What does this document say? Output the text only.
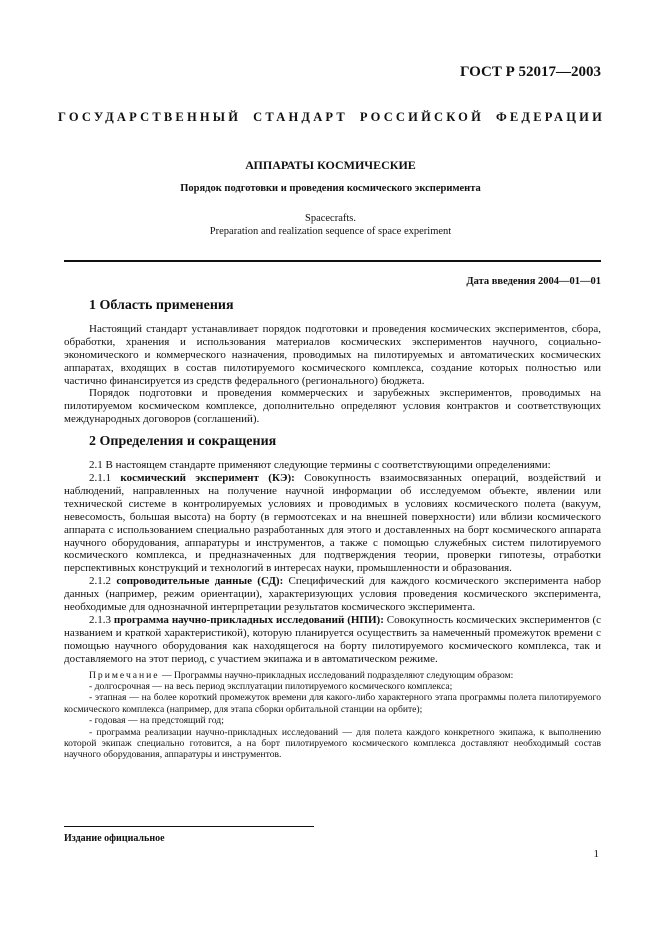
ГОСТ Р 52017—2003
ГОСУДАРСТВЕННЫЙ СТАНДАРТ РОССИЙСКОЙ ФЕДЕРАЦИИ
АППАРАТЫ КОСМИЧЕСКИЕ
Порядок подготовки и проведения космического эксперимента
Spacecrafts.
Preparation and realization sequence of space experiment
Дата введения 2004—01—01
1 Область применения

Настоящий стандарт устанавливает порядок подготовки и проведения космических экспериментов, сбора, обработки, хранения и использования материалов космических экспериментов научного, социально-экономического и коммерческого назначения, проводимых на пилотируемых и автоматических космических аппаратах, входящих в состав пилотируемого космического комплекса, создание которых полностью или частично финансируется из средств федерального (регионального) бюджета.

Порядок подготовки и проведения коммерческих и зарубежных экспериментов, проводимых на пилотируемом космическом комплексе, дополнительно определяют условия контрактов и соответствующих международных договоров (соглашений).

2 Определения и сокращения

2.1 В настоящем стандарте применяют следующие термины с соответствующими определениями:

2.1.1 космический эксперимент (КЭ): Совокупность взаимосвязанных операций, воздействий и наблюдений, направленных на получение научной информации об исследуемом объекте, явлении или технической системе в контролируемых условиях и проводимых в условиях космического полета (вакуум, невесомость, большая высота) на борту (в гермоотсеках и на внешней поверхности) или вблизи космического аппарата с использованием специально разработанных для этого и доставленных на борт космического аппарата научного оборудования, аппаратуры и инструментов, а также с помощью служебных систем пилотируемого космического комплекса, и предназначенных для подтверждения теории, проверки гипотезы, отработки перспективных конструкций и технологий в интересах науки, промышленности и образования.

2.1.2 сопроводительные данные (СД): Специфический для каждого космического эксперимента набор данных (например, режим ориентации), характеризующих условия проведения космического эксперимента, необходимые для однозначной интерпретации результатов космического эксперимента.

2.1.3 программа научно-прикладных исследований (НПИ): Совокупность космических экспериментов (с названием и краткой характеристикой), которую планируется осуществить за намеченный промежуток времени с помощью научного оборудования как находящегося на борту пилотируемого космического комплекса, так и доставляемого на этот период, с участием экипажа и в автоматическом режиме.

Примечание — Программы научно-прикладных исследований подразделяют следующим образом:

- долгосрочная — на весь период эксплуатации пилотируемого космического комплекса;

- этапная — на более короткий промежуток времени для какого-либо характерного этапа программы полета пилотируемого космического комплекса (например, для этапа сборки орбитальной станции на орбите);

- годовая — на предстоящий год;

- программа реализации научно-прикладных исследований — для полета каждого конкретного экипажа, к выполнению которой экипаж специально готовится, а на борт пилотируемого космического комплекса доставляют необходимый состав научного оборудования, аппаратуры и инструментов.

Издание официальное
1
